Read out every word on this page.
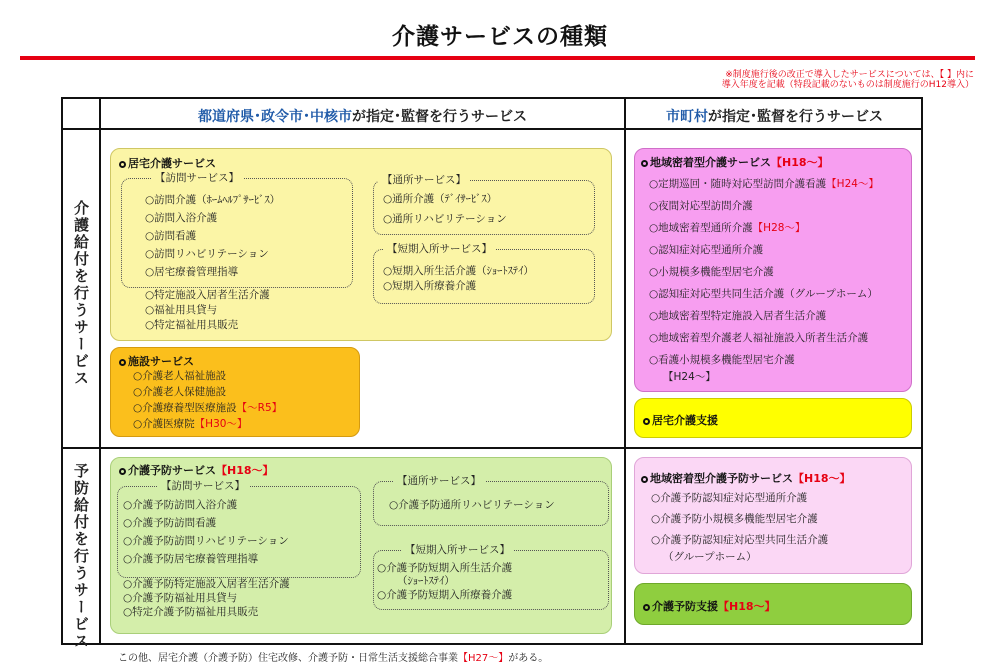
介護サービスの種類
※制度施行後の改正で導入したサービスについては、【 】内に
導入年度を記載（特段記載のないものは制度施行のH12導入）
都道府県･政令市･中核市が指定･監督を行うサービス	市町村が指定･監督を行うサービス
介護給付を行うサービス
予防給付を行うサービス
居宅介護サービス
【訪問サービス】
○訪問介護（ﾎｰﾑﾍﾙﾌﾟｻｰﾋﾞｽ）
○訪問入浴介護
○訪問看護
○訪問リハビリテーション
○居宅療養管理指導
【通所サービス】
○通所介護（ﾃﾞｲｻｰﾋﾞｽ）
○通所リハビリテーション
【短期入所サービス】
○短期入所生活介護（ｼｮｰﾄｽﾃｲ）
○短期入所療養介護
○特定施設入居者生活介護
○福祉用具貸与
○特定福祉用具販売
施設サービス
○介護老人福祉施設
○介護老人保健施設
○介護療養型医療施設【～R5】
○介護医療院【H30～】
地域密着型介護サービス【H18～】
○定期巡回・随時対応型訪問介護看護【H24～】
○夜間対応型訪問介護
○地域密着型通所介護【H28～】
○認知症対応型通所介護
○小規模多機能型居宅介護
○認知症対応型共同生活介護（グループホーム）
○地域密着型特定施設入居者生活介護
○地域密着型介護老人福祉施設入所者生活介護
○看護小規模多機能型居宅介護
【H24～】
居宅介護支援
介護予防サービス【H18～】
【訪問サービス】
○介護予防訪問入浴介護
○介護予防訪問看護
○介護予防訪問リハビリテーション
○介護予防居宅療養管理指導
【通所サービス】
○介護予防通所リハビリテーション
【短期入所サービス】
○介護予防短期入所生活介護
（ｼｮｰﾄｽﾃｲ）
○介護予防短期入所療養介護
○介護予防特定施設入居者生活介護
○介護予防福祉用具貸与
○特定介護予防福祉用具販売
地域密着型介護予防サービス【H18～】
○介護予防認知症対応型通所介護
○介護予防小規模多機能型居宅介護
○介護予防認知症対応型共同生活介護
（グループホーム）
介護予防支援【H18～】
この他、居宅介護（介護予防）住宅改修、介護予防・日常生活支援総合事業【H27～】がある。
